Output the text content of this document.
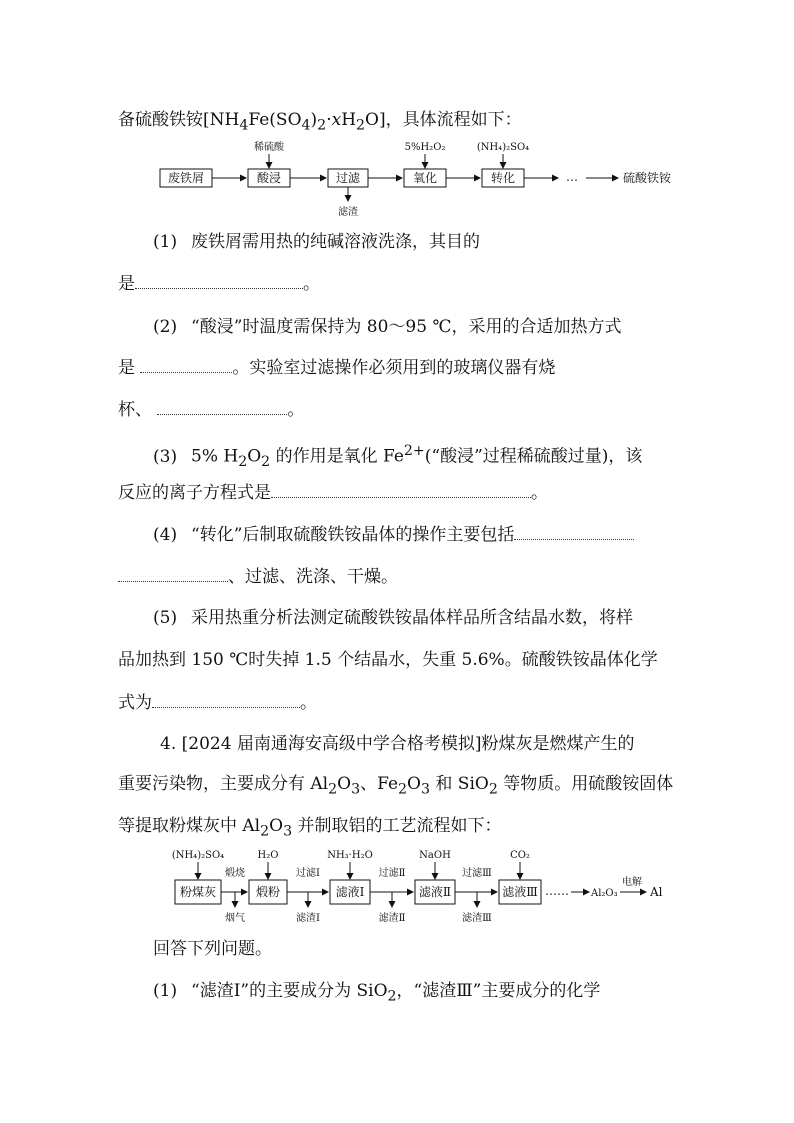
备硫酸铁铵$[NH_4Fe(SO_4)_2\cdot xH_2O]$，具体流程如下：
废铁屑	酸浸	过滤	氧化	转化	…	硫酸铁铵
稀硫酸	5%H₂O₂	(NH₄)₂SO₄
滤渣
(1) 废铁屑需用热的纯碱溶液洗涤，其目的
是	。
(2) “酸浸”时温度需保持为 80～95 ℃，采用的合适加热方式
是	。实验室过滤操作必须用到的玻璃仪器有烧
杯、	。
(3) 5% $H_2O_2$ 的作用是氧化 $Fe^{2+}(“$酸浸”过程稀硫酸过量)，该
反应的离子方程式是	。
(4) “转化”后制取硫酸铁铵晶体的操作主要包括
、过滤、洗涤、干燥。
(5) 采用热重分析法测定硫酸铁铵晶体样品所含结晶水数，将样
品加热到 150 ℃时失掉 1.5 个结晶水，失重 5.6%。硫酸铁铵晶体化学
式为	。
4. [2024 届南通海安高级中学合格考模拟]粉煤灰是燃煤产生的
重要污染物，主要成分有 $Al_2O_3$、$Fe_2O_3$ 和 SiO$_2$ 等物质。用硫酸铵固体
等提取粉煤灰中 $Al_2O_3$ 并制取铝的工艺流程如下：
粉煤灰	煅粉	滤液Ⅰ	滤液Ⅱ	滤液Ⅲ
煅烧	过滤Ⅰ	过滤Ⅱ	过滤Ⅲ
…… Al₂O₃
电解
Al
(NH₄)₂SO₄	H₂O	NH₃·H₂O	NaOH	CO₂
烟气	滤渣Ⅰ	滤渣Ⅱ	滤渣Ⅲ
回答下列问题。
(1) “滤渣Ⅰ”的主要成分为 SiO$_2$，“滤渣Ⅲ”主要成分的化学
